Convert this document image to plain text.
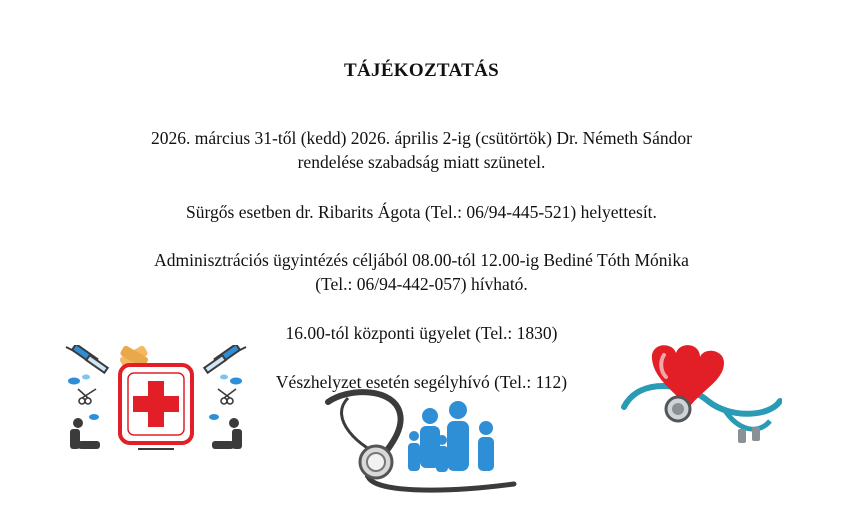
TÁJÉKOZTATÁS
2026. március 31-től (kedd) 2026. április 2-ig (csütörtök) Dr. Németh Sándor
rendelése szabadság miatt szünetel.
Sürgős esetben dr. Ribarits Ágota (Tel.: 06/94-445-521) helyettesít.
Adminisztrációs ügyintézés céljából 08.00-tól 12.00-ig Bediné Tóth Mónika
(Tel.: 06/94-442-057) hívható.
16.00-tól központi ügyelet (Tel.: 1830)
Vészhelyzet esetén segélyhívó (Tel.: 112)
